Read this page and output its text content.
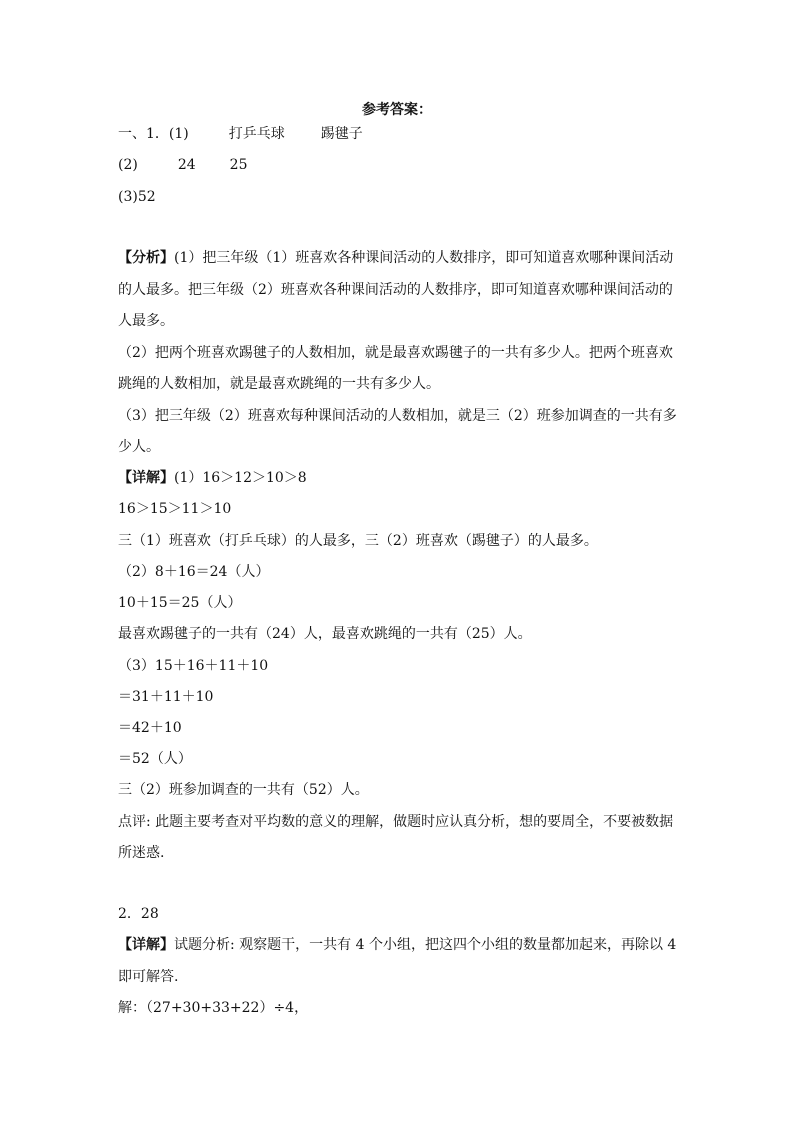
参考答案：
一、1．(1)	打乒乓球	踢毽子
(2)	24 25
(3)52
【分析】(1）把三年级（1）班喜欢各种课间活动的人数排序，即可知道喜欢哪种课间活动
的人最多。把三年级（2）班喜欢各种课间活动的人数排序，即可知道喜欢哪种课间活动的
人最多。
（2）把两个班喜欢踢毽子的人数相加，就是最喜欢踢毽子的一共有多少人。把两个班喜欢
跳绳的人数相加，就是最喜欢跳绳的一共有多少人。
（3）把三年级（2）班喜欢每种课间活动的人数相加，就是三（2）班参加调查的一共有多
少人。
【详解】(1）16＞12＞10＞8
16＞15＞11＞10
三（1）班喜欢（打乒乓球）的人最多，三（2）班喜欢（踢毽子）的人最多。
（2）8＋16＝24（人）
10＋15＝25（人）
最喜欢踢毽子的一共有（24）人，最喜欢跳绳的一共有（25）人。
（3）15＋16＋11＋10
＝31＋11＋10
＝42＋10
＝52（人）
三（2）班参加调查的一共有（52）人。
点评: 此题主要考查对平均数的意义的理解，做题时应认真分析，想的要周全，不要被数据
所迷惑.
2．28
【详解】试题分析: 观察题干，一共有 4 个小组，把这四个小组的数量都加起来，再除以 4
即可解答.
解：（27+30+33+22）÷4，
